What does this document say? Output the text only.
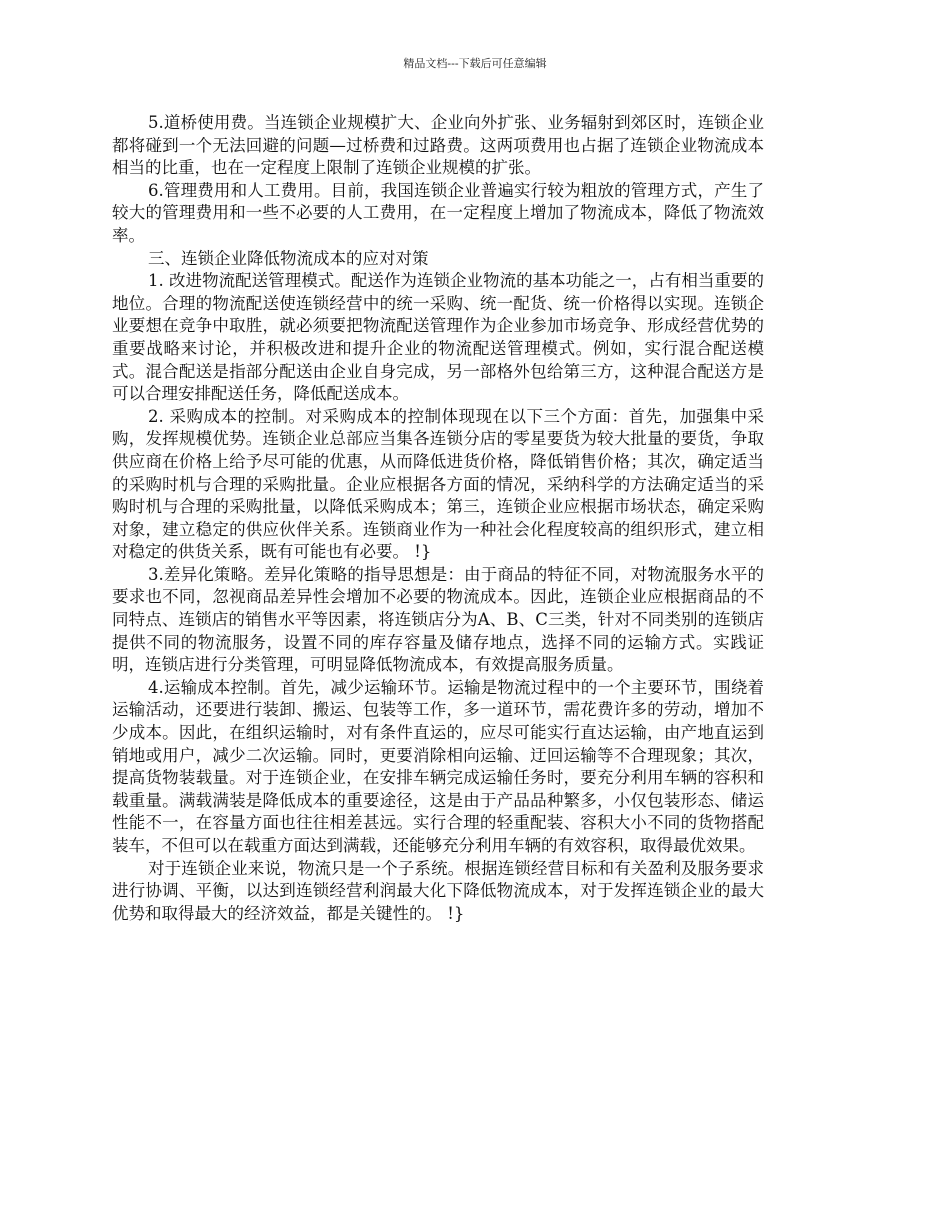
精品文档---下载后可任意编辑

5.道桥使用费。当连锁企业规模扩大、企业向外扩张、业务辐射到郊区时，连锁企业都将碰到一个无法回避的问题—过桥费和过路费。这两项费用也占据了连锁企业物流成本相当的比重，也在一定程度上限制了连锁企业规模的扩张。

6.管理费用和人工费用。目前，我国连锁企业普遍实行较为粗放的管理方式，产生了较大的管理费用和一些不必要的人工费用，在一定程度上增加了物流成本，降低了物流效率。

三、连锁企业降低物流成本的应对对策

1. 改进物流配送管理模式。配送作为连锁企业物流的基本功能之一，占有相当重要的地位。合理的物流配送使连锁经营中的统一采购、统一配货、统一价格得以实现。连锁企业要想在竞争中取胜，就必须要把物流配送管理作为企业参加市场竞争、形成经营优势的重要战略来讨论，并积极改进和提升企业的物流配送管理模式。例如，实行混合配送模式。混合配送是指部分配送由企业自身完成，另一部格外包给第三方，这种混合配送方是可以合理安排配送任务，降低配送成本。

2. 采购成本的控制。对采购成本的控制体现现在以下三个方面：首先，加强集中采购，发挥规模优势。连锁企业总部应当集各连锁分店的零星要货为较大批量的要货，争取供应商在价格上给予尽可能的优惠，从而降低进货价格，降低销售价格；其次，确定适当的采购时机与合理的采购批量。企业应根据各方面的情况，采纳科学的方法确定适当的采购时机与合理的采购批量，以降低采购成本；第三，连锁企业应根据市场状态，确定采购对象，建立稳定的供应伙伴关系。连锁商业作为一种社会化程度较高的组织形式，建立相对稳定的供货关系，既有可能也有必要。 !}

3.差异化策略。差异化策略的指导思想是：由于商品的特征不同，对物流服务水平的要求也不同，忽视商品差异性会增加不必要的物流成本。因此，连锁企业应根据商品的不同特点、连锁店的销售水平等因素，将连锁店分为A、B、C三类，针对不同类别的连锁店提供不同的物流服务，设置不同的库存容量及储存地点，选择不同的运输方式。实践证明，连锁店进行分类管理，可明显降低物流成本，有效提高服务质量。

4.运输成本控制。首先，减少运输环节。运输是物流过程中的一个主要环节，围绕着运输活动，还要进行装卸、搬运、包装等工作，多一道环节，需花费许多的劳动，增加不少成本。因此，在组织运输时，对有条件直运的，应尽可能实行直达运输，由产地直运到销地或用户，减少二次运输。同时，更要消除相向运输、迂回运输等不合理现象；其次，提高货物装载量。对于连锁企业，在安排车辆完成运输任务时，要充分利用车辆的容积和载重量。满载满装是降低成本的重要途径，这是由于产品品种繁多，小仅包装形态、储运性能不一，在容量方面也往往相差甚远。实行合理的轻重配装、容积大小不同的货物搭配装车，不但可以在载重方面达到满载，还能够充分利用车辆的有效容积，取得最优效果。

对于连锁企业来说，物流只是一个子系统。根据连锁经营目标和有关盈利及服务要求进行协调、平衡，以达到连锁经营利润最大化下降低物流成本，对于发挥连锁企业的最大优势和取得最大的经济效益，都是关键性的。 !}
